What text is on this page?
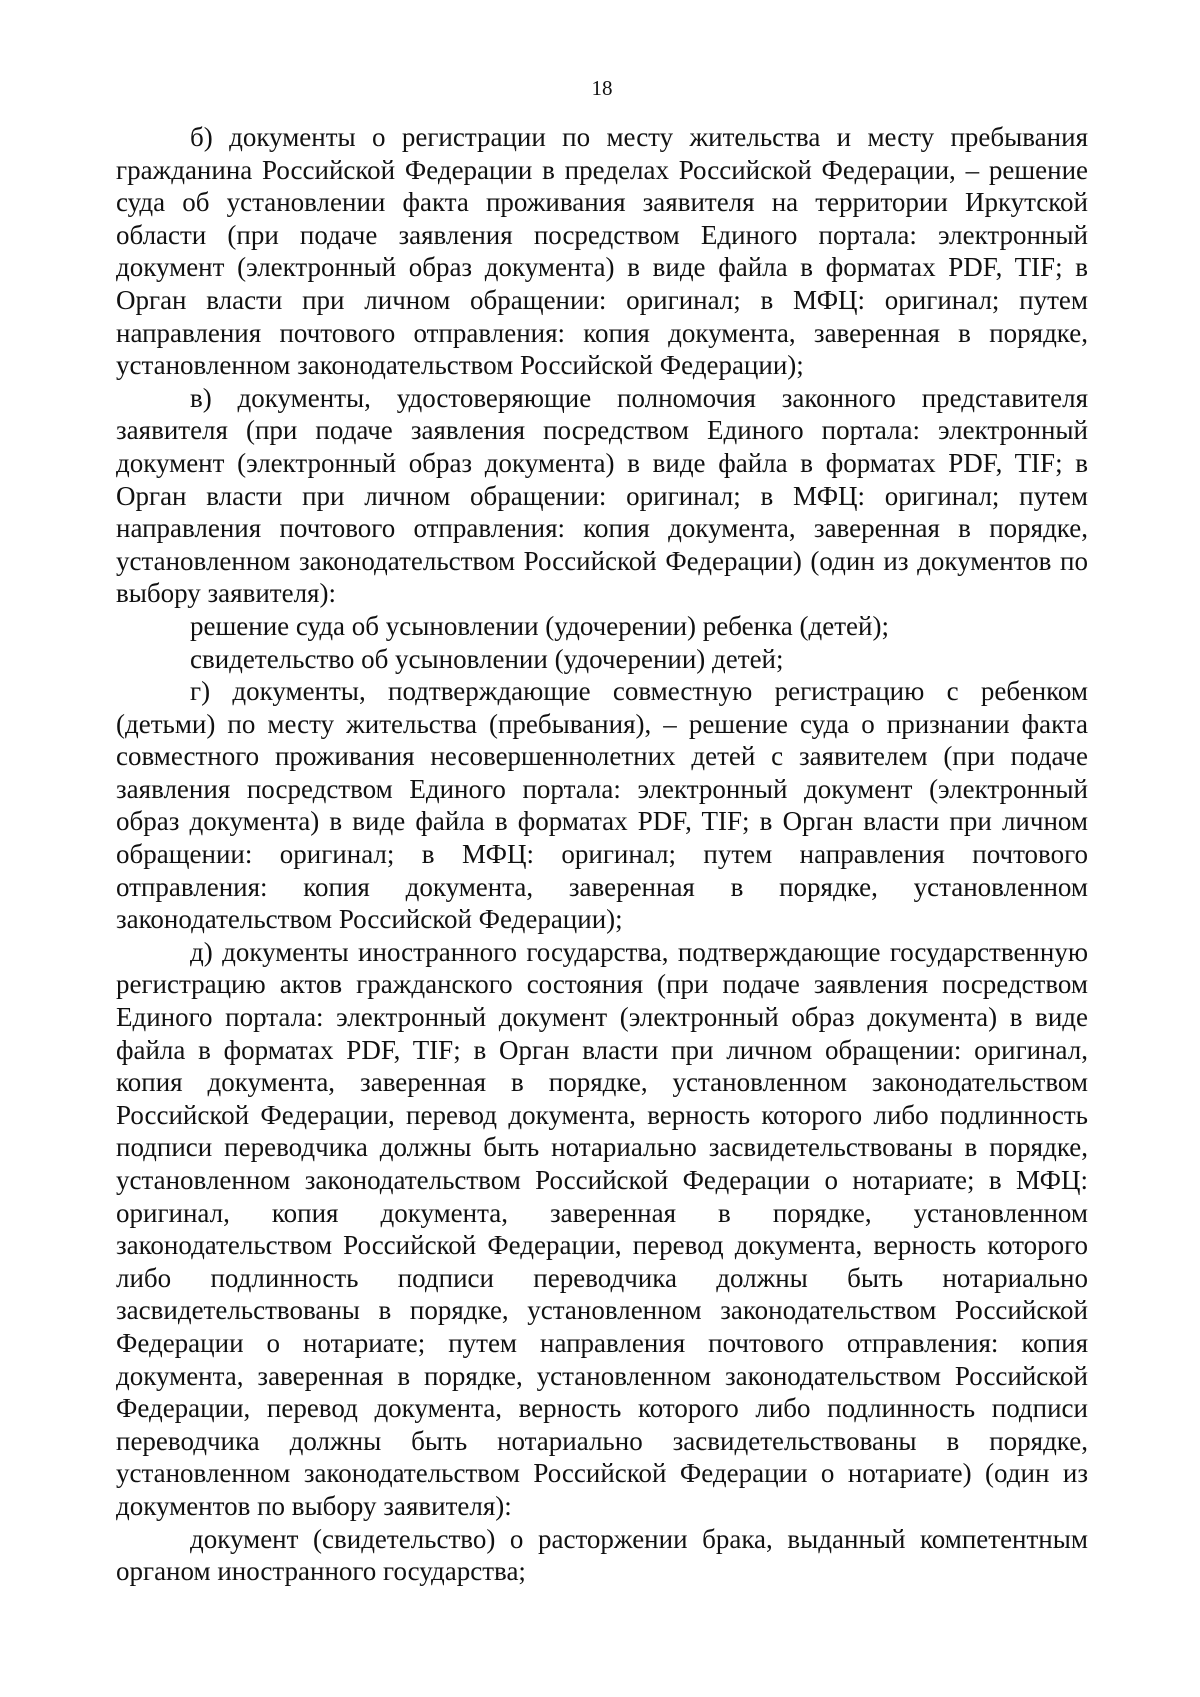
18

б) документы о регистрации по месту жительства и месту пребывания гражданина Российской Федерации в пределах Российской Федерации, – решение суда об установлении факта проживания заявителя на территории Иркутской области (при подаче заявления посредством Единого портала: электронный документ (электронный образ документа) в виде файла в форматах PDF, TIF; в Орган власти при личном обращении: оригинал; в МФЦ: оригинал; путем направления почтового отправления: копия документа, заверенная в порядке, установленном законодательством Российской Федерации);

в) документы, удостоверяющие полномочия законного представителя заявителя (при подаче заявления посредством Единого портала: электронный документ (электронный образ документа) в виде файла в форматах PDF, TIF; в Орган власти при личном обращении: оригинал; в МФЦ: оригинал; путем направления почтового отправления: копия документа, заверенная в порядке, установленном законодательством Российской Федерации) (один из документов по выбору заявителя):

решение суда об усыновлении (удочерении) ребенка (детей);

свидетельство об усыновлении (удочерении) детей;

г) документы, подтверждающие совместную регистрацию с ребенком (детьми) по месту жительства (пребывания), – решение суда о признании факта совместного проживания несовершеннолетних детей с заявителем (при подаче заявления посредством Единого портала: электронный документ (электронный образ документа) в виде файла в форматах PDF, TIF; в Орган власти при личном обращении: оригинал; в МФЦ: оригинал; путем направления почтового отправления: копия документа, заверенная в порядке, установленном законодательством Российской Федерации);

д) документы иностранного государства, подтверждающие государственную регистрацию актов гражданского состояния (при подаче заявления посредством Единого портала: электронный документ (электронный образ документа) в виде файла в форматах PDF, TIF; в Орган власти при личном обращении: оригинал, копия документа, заверенная в порядке, установленном законодательством Российской Федерации, перевод документа, верность которого либо подлинность подписи переводчика должны быть нотариально засвидетельствованы в порядке, установленном законодательством Российской Федерации о нотариате; в МФЦ: оригинал, копия документа, заверенная в порядке, установленном законодательством Российской Федерации, перевод документа, верность которого либо подлинность подписи переводчика должны быть нотариально засвидетельствованы в порядке, установленном законодательством Российской Федерации о нотариате; путем направления почтового отправления: копия документа, заверенная в порядке, установленном законодательством Российской Федерации, перевод документа, верность которого либо подлинность подписи переводчика должны быть нотариально засвидетельствованы в порядке, установленном законодательством Российской Федерации о нотариате) (один из документов по выбору заявителя):

документ (свидетельство) о расторжении брака, выданный компетентным органом иностранного государства;
